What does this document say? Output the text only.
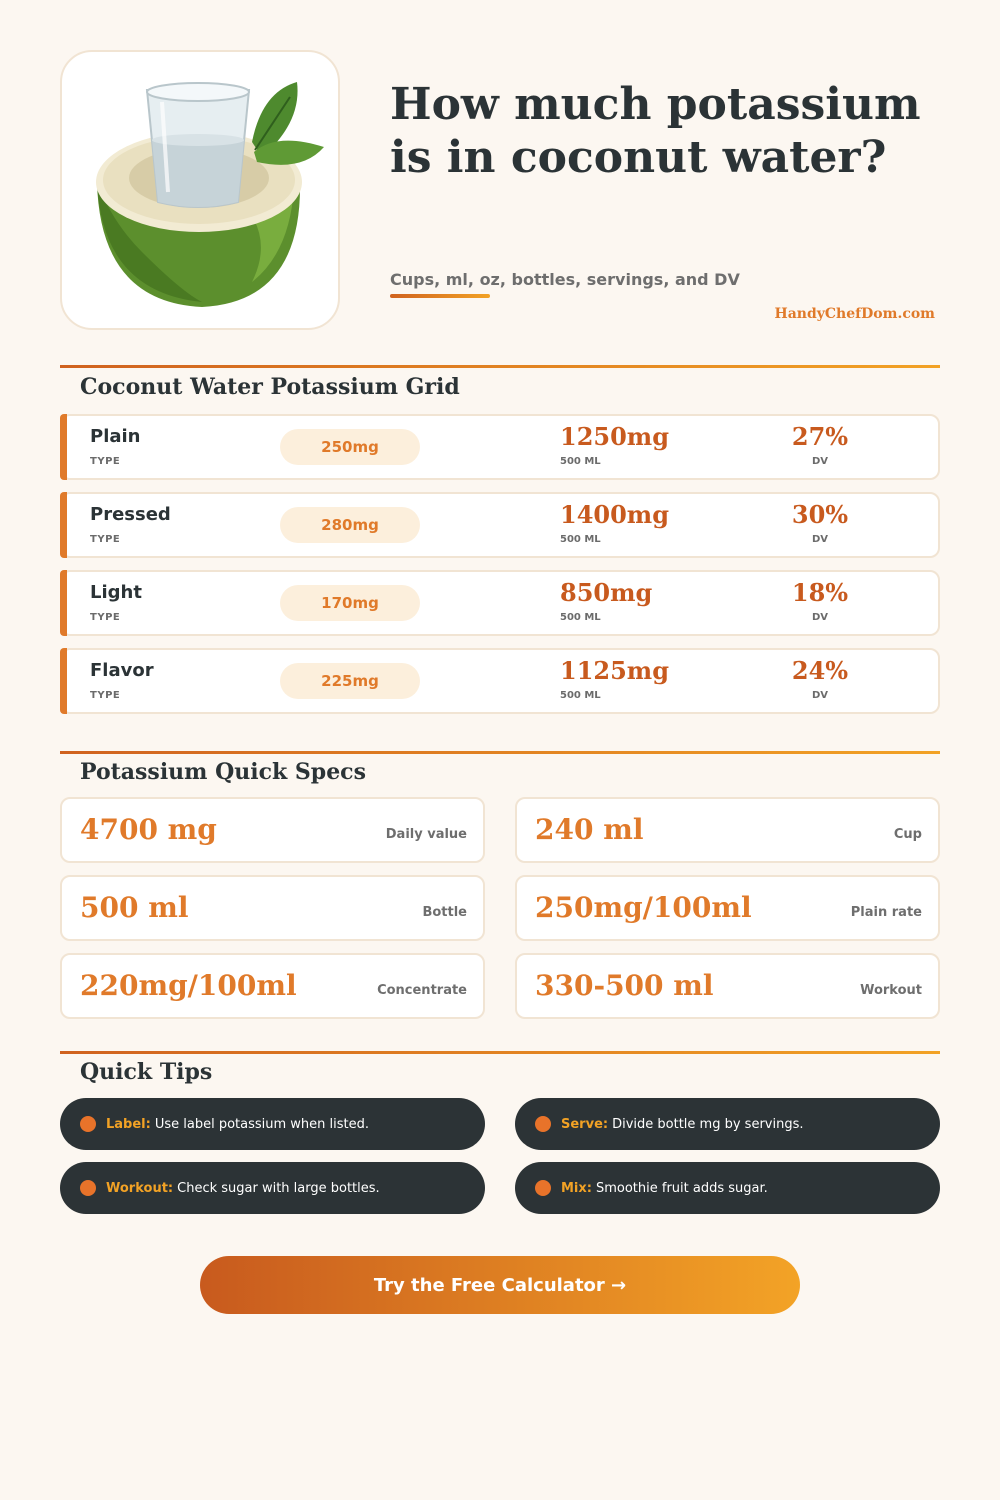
How much potassium is in coconut water?
Cups, ml, oz, bottles, servings, and DV
HandyChefDom.com
Coconut Water Potassium Grid
Plain
TYPE
250mg	1250mg
500 ML
27%
DV
Pressed
TYPE
280mg	1400mg
500 ML
30%
DV
Light
TYPE
170mg	850mg
500 ML
18%
DV
Flavor
TYPE
225mg	1125mg
500 ML
24%
DV
Potassium Quick Specs
4700 mg	Daily value 240 ml	Cup
500 ml	Bottle 250mg/100ml	Plain rate
220mg/100ml	Concentrate 330-500 ml	Workout
Quick Tips
Label: Use label potassium when listed.	Serve: Divide bottle mg by servings.
Workout: Check sugar with large bottles.	Mix: Smoothie fruit adds sugar.
Try the Free Calculator →
